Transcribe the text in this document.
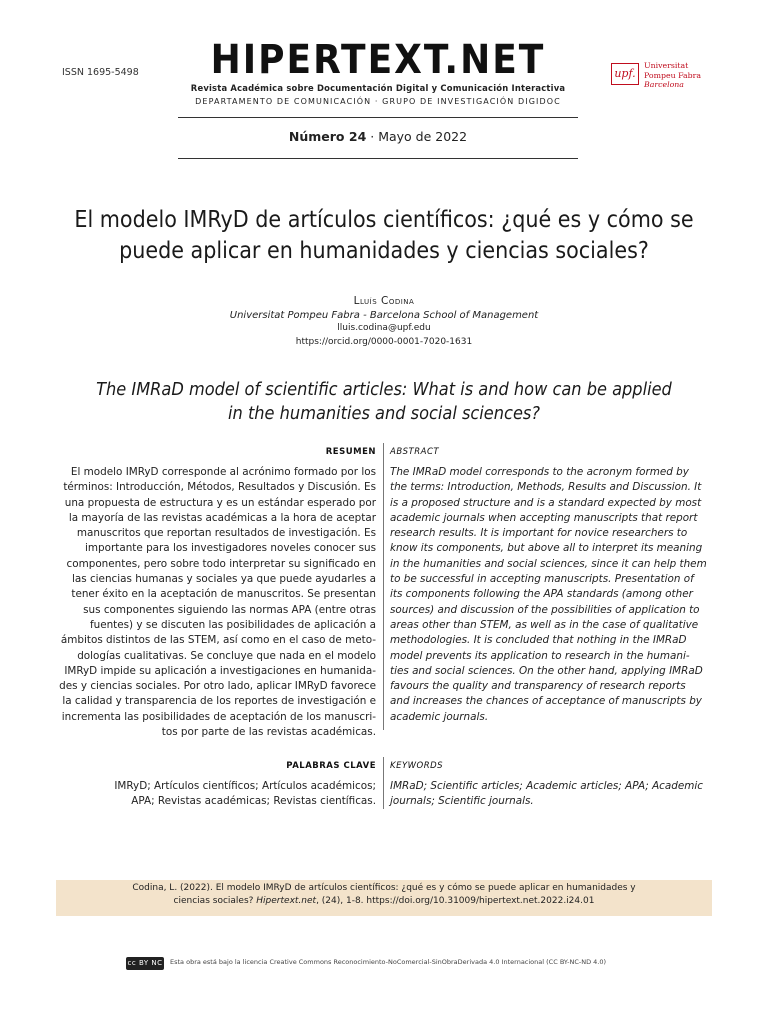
ISSN 1695-5498	HIPERTEXT.NET
Revista Académica sobre Documentación Digital y Comunicación Interactiva
DEPARTAMENTO DE COMUNICACIÓN · GRUPO DE INVESTIGACIÓN DIGIDOC
upf.
Universitat
Pompeu Fabra
Barcelona
Número 24 · Mayo de 2022
El modelo IMRyD de artículos científicos: ¿qué es y cómo se
puede aplicar en humanidades y ciencias sociales?
Lluís Codina
Universitat Pompeu Fabra - Barcelona School of Management
lluis.codina@upf.edu
https://orcid.org/0000-0001-7020-1631
The IMRaD model of scientific articles: What is and how can be applied
in the humanities and social sciences?
RESUMEN ABSTRACT
El modelo IMRyD corresponde al acrónimo formado por los
términos: Introducción, Métodos, Resultados y Discusión. Es
una propuesta de estructura y es un estándar esperado por
la mayoría de las revistas académicas a la hora de aceptar
manuscritos que reportan resultados de investigación. Es
importante para los investigadores noveles conocer sus
componentes, pero sobre todo interpretar su significado en
las ciencias humanas y sociales ya que puede ayudarles a
tener éxito en la aceptación de manuscritos. Se presentan
sus componentes siguiendo las normas APA (entre otras
fuentes) y se discuten las posibilidades de aplicación a
ámbitos distintos de las STEM, así como en el caso de meto-
dologías cualitativas. Se concluye que nada en el modelo
IMRyD impide su aplicación a investigaciones en humanida-
des y ciencias sociales. Por otro lado, aplicar IMRyD favorece
la calidad y transparencia de los reportes de investigación e
incrementa las posibilidades de aceptación de los manuscri-
tos por parte de las revistas académicas.
The IMRaD model corresponds to the acronym formed by
the terms: Introduction, Methods, Results and Discussion. It
is a proposed structure and is a standard expected by most
academic journals when accepting manuscripts that report
research results. It is important for novice researchers to
know its components, but above all to interpret its meaning
in the humanities and social sciences, since it can help them
to be successful in accepting manuscripts. Presentation of
its components following the APA standards (among other
sources) and discussion of the possibilities of application to
areas other than STEM, as well as in the case of qualitative
methodologies. It is concluded that nothing in the IMRaD
model prevents its application to research in the humani-
ties and social sciences. On the other hand, applying IMRaD
favours the quality and transparency of research reports
and increases the chances of acceptance of manuscripts by
academic journals.
PALABRAS CLAVE KEYWORDS
IMRyD; Artículos científicos; Artículos académicos;
APA; Revistas académicas; Revistas científicas.
IMRaD; Scientific articles; Academic articles; APA; Academic
journals; Scientific journals.
Codina, L. (2022). El modelo IMRyD de artículos científicos: ¿qué es y cómo se puede aplicar en humanidades y
ciencias sociales? Hipertext.net, (24), 1-8. https://doi.org/10.31009/hipertext.net.2022.i24.01
cc BY NC ND
Esta obra está bajo la licencia Creative Commons Reconocimiento-NoComercial-SinObraDerivada 4.0 Internacional (CC BY-NC-ND 4.0)
